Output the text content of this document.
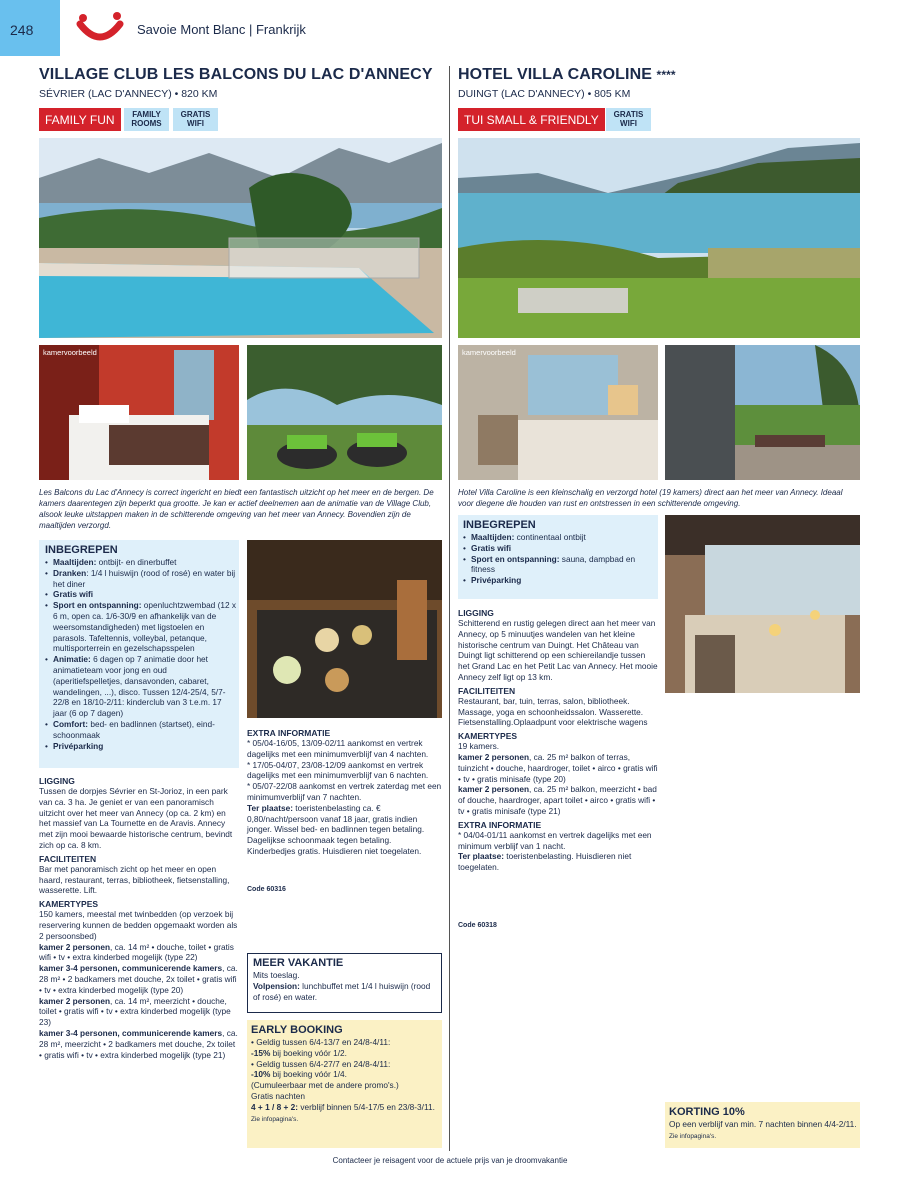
248	Savoie Mont Blanc | Frankrijk
VILLAGE CLUB LES BALCONS DU LAC D'ANNECY
SÉVRIER (LAC D'ANNECY) • 820 KM
FAMILY FUN	FAMILY
ROOMS
GRATIS
WIFI
kamervoorbeeld
Les Balcons du Lac d'Annecy is correct ingericht en biedt een fantastisch uitzicht op het meer en de bergen. De kamers daarentegen zijn beperkt qua grootte. Je kan er actief deelnemen aan de animatie van de Village Club, alsook leuke uitstappen maken in de schitterende omgeving van het meer van Annecy. Bovendien zijn de maaltijden verzorgd.
INBEGREPEN
• Maaltijden: ontbijt- en dinerbuffet
• Dranken: 1/4 l huiswijn (rood of rosé) en water bij het diner
• Gratis wifi
• Sport en ontspanning: openluchtzwembad (12 x 6 m, open ca. 1/6-30/9 en afhankelijk van de weersomstandigheden) met ligstoelen en parasols. Tafeltennis, volleybal, petanque, multisporterrein en gezelschapsspelen
• Animatie: 6 dagen op 7 animatie door het animatieteam voor jong en oud (aperitiefspelletjes, dansavonden, cabaret, wandelingen, ...), disco. Tussen 12/4-25/4, 5/7-22/8 en 18/10-2/11: kinderclub van 3 t.e.m. 17 jaar (6 op 7 dagen)
• Comfort: bed- en badlinnen (startset), eind-schoonmaak
• Privéparking
LIGGING
Tussen de dorpjes Sévrier en St-Jorioz, in een park van ca. 3 ha. Je geniet er van een panoramisch uitzicht over het meer van Annecy (op ca. 2 km) en het massief van La Tournette en de Aravis. Annecy met zijn mooi bewaarde historische centrum, bevindt zich op ca. 8 km.
FACILITEITEN
Bar met panoramisch zicht op het meer en open haard, restaurant, terras, bibliotheek, fietsenstalling, wasserette. Lift.
KAMERTYPES
150 kamers, meestal met twinbedden (op verzoek bij reservering kunnen de bedden opgemaakt worden als 2 persoonsbed)
kamer 2 personen, ca. 14 m² • douche, toilet • gratis wifi • tv • extra kinderbed mogelijk (type 22)
kamer 3-4 personen, communicerende kamers, ca. 28 m² • 2 badkamers met douche, 2x toilet • gratis wifi • tv • extra kinderbed mogelijk (type 20)
kamer 2 personen, ca. 14 m², meerzicht • douche, toilet • gratis wifi • tv • extra kinderbed mogelijk (type 23)
kamer 3-4 personen, communicerende kamers, ca. 28 m², meerzicht • 2 badkamers met douche, 2x toilet • gratis wifi • tv • extra kinderbed mogelijk (type 21)
EXTRA INFORMATIE
* 05/04-16/05, 13/09-02/11 aankomst en vertrek dagelijks met een minimumverblijf van 4 nachten.
* 17/05-04/07, 23/08-12/09 aankomst en vertrek dagelijks met een minimumverblijf van 6 nachten.
* 05/07-22/08 aankomst en vertrek zaterdag met een minimumverblijf van 7 nachten.
Ter plaatse: toeristenbelasting ca. € 0,80/nacht/persoon vanaf 18 jaar, gratis indien jonger. Wissel bed- en badlinnen tegen betaling. Dagelijkse schoonmaak tegen betaling. Kinderbedjes gratis. Huisdieren niet toegelaten.
Code 60316
MEER VAKANTIE
Mits toeslag.
Volpension: lunchbuffet met 1/4 l huiswijn (rood of rosé) en water.
EARLY BOOKING
• Geldig tussen 6/4-13/7 en 24/8-4/11:
-15% bij boeking vóór 1/2.
• Geldig tussen 6/4-27/7 en 24/8-4/11:
-10% bij boeking vóór 1/4.
(Cumuleerbaar met de andere promo's.)
Gratis nachten
4 + 1 / 8 + 2: verblijf binnen 5/4-17/5 en 23/8-3/11.
Zie infopagina's.
HOTEL VILLA CAROLINE ****
DUINGT (LAC D'ANNECY) • 805 KM
TUI SMALL & FRIENDLY	GRATIS
WIFI
kamervoorbeeld
Hotel Villa Caroline is een kleinschalig en verzorgd hotel (19 kamers) direct aan het meer van Annecy. Ideaal voor diegene die houden van rust en ontstressen in een schitterende omgeving.
INBEGREPEN
• Maaltijden: continentaal ontbijt
• Gratis wifi
• Sport en ontspanning: sauna, dampbad en fitness
• Privéparking
LIGGING
Schitterend en rustig gelegen direct aan het meer van Annecy, op 5 minuutjes wandelen van het kleine historische centrum van Duingt. Het Château van Duingt ligt schitterend op een schiereilandje tussen het Grand Lac en het Petit Lac van Annecy. Het mooie Annecy zelf ligt op 13 km.
FACILITEITEN
Restaurant, bar, tuin, terras, salon, bibliotheek. Massage, yoga en schoonheidssalon. Wasserette. Fietsenstalling.Oplaadpunt voor elektrische wagens
KAMERTYPES
19 kamers.
kamer 2 personen, ca. 25 m² balkon of terras, tuinzicht • douche, haardroger, toilet • airco • gratis wifi • tv • gratis minisafe (type 20)
kamer 2 personen, ca. 25 m² balkon, meerzicht • bad of douche, haardroger, apart toilet • airco • gratis wifi • tv • gratis minisafe (type 21)
EXTRA INFORMATIE
* 04/04-01/11 aankomst en vertrek dagelijks met een minimum verblijf van 1 nacht.
Ter plaatse: toeristenbelasting. Huisdieren niet toegelaten.
Code 60318
KORTING 10%
Op een verblijf van min. 7 nachten binnen 4/4-2/11.
Zie infopagina's.
Contacteer je reisagent voor de actuele prijs van je droomvakantie
